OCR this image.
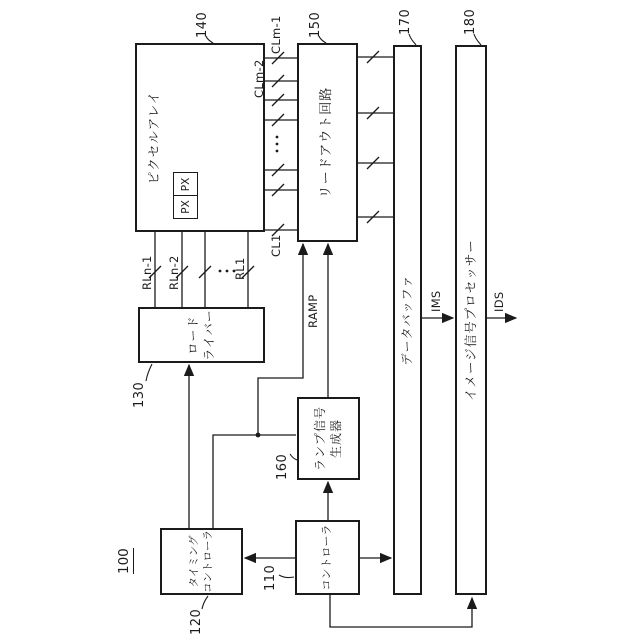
ピクセルアレイ
PX
PX	リードアウト回路
データバッファ	イメージ信号プロセッサー
ロード ライバー
ランプ信号 生成器
タイミング コントローラ	コントローラ
100
140	150	170	180
130
160
120
110
RLn-1 RLn-2	RL1
CLm-1
CLm-2
CL1
RAMP	IMS	IDS
